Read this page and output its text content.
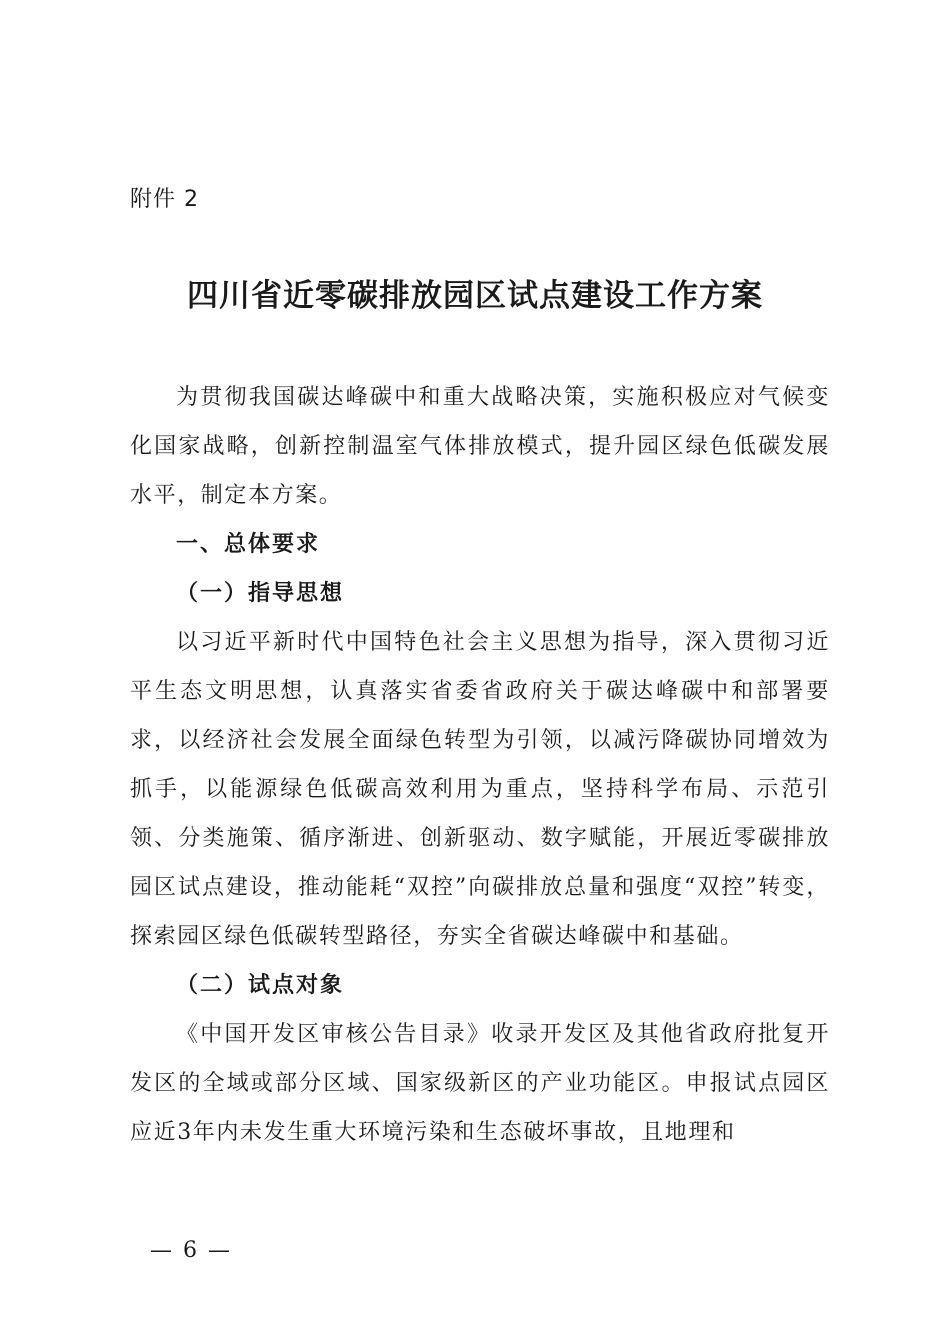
附件 2
四川省近零碳排放园区试点建设工作方案

为贯彻我国碳达峰碳中和重大战略决策，实施积极应对气候变化国家战略，创新控制温室气体排放模式，提升园区绿色低碳发展水平，制定本方案。

一、总体要求

（一）指导思想

以习近平新时代中国特色社会主义思想为指导，深入贯彻习近平生态文明思想，认真落实省委省政府关于碳达峰碳中和部署要求，以经济社会发展全面绿色转型为引领，以减污降碳协同增效为抓手，以能源绿色低碳高效利用为重点，坚持科学布局、示范引领、分类施策、循序渐进、创新驱动、数字赋能，开展近零碳排放园区试点建设，推动能耗“双控”向碳排放总量和强度“双控”转变，探索园区绿色低碳转型路径，夯实全省碳达峰碳中和基础。

（二）试点对象

《中国开发区审核公告目录》收录开发区及其他省政府批复开发区的全域或部分区域、国家级新区的产业功能区。申报试点园区应近3年内未发生重大环境污染和生态破坏事故，且地理和

— 6 —
